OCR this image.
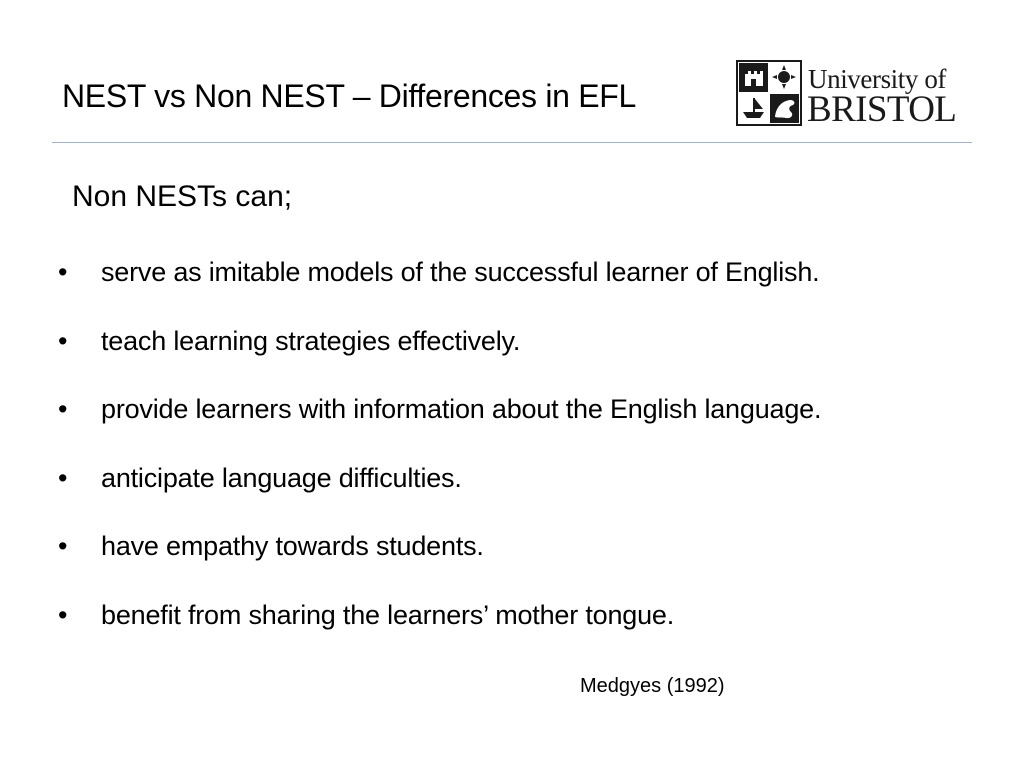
NEST vs Non NEST – Differences in EFL	University of
BRISTOL
Non NESTs can;
•	serve as imitable models of the successful learner of English.
•	teach learning strategies effectively.
•	provide learners with information about the English language.
•	anticipate language difficulties.
•	have empathy towards students.
•	benefit from sharing the learners’ mother tongue.
Medgyes (1992)
